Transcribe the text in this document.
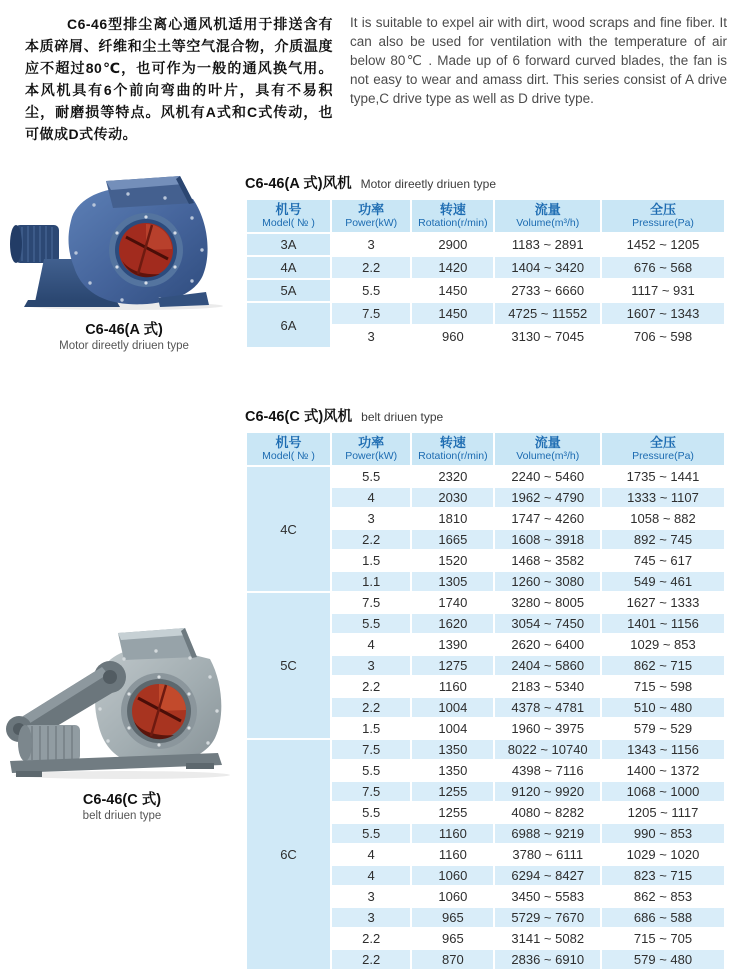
C6-46型排尘离心通风机适用于排送含有本质碎屑、纤维和尘土等空气混合物，介质温度应不超过80℃，也可作为一般的通风换气用。本风机具有6个前向弯曲的叶片，具有不易积尘，耐磨损等特点。风机有A式和C式传动，也可做成D式传动。
It is suitable to expel air with dirt, wood scraps and fine fiber. It can also be used for ventilation with the temperature of air below 80℃ . Made up of 6 forward curved blades, the fan is not easy to wear and amass dirt. This series consist of A drive type,C drive type as well as D drive type.
C6-46(A 式)
Motor direetly driuen type
C6-46(C 式)
belt driuen type
C6-46(A 式)风机 Motor direetly driuen type
机号
Model( № )

功率
Power(kW)

转速
Rotation(r/min)

流量
Volume(m³/h)

全压
Pressure(Pa)

3A	3	2900	1183 ~ 2891	1452 ~ 1205
4A	2.2	1420	1404 ~ 3420	676 ~ 568
5A	5.5	1450	2733 ~ 6660	1117 ~ 931
6A	7.5	1450	4725 ~ 11552	1607 ~ 1343
	3	960	3130 ~ 7045	706 ~ 598
C6-46(C 式)风机 belt driuen type
机号
Model( № )

功率
Power(kW)

转速
Rotation(r/min)

流量
Volume(m³/h)

全压
Pressure(Pa)

4C	5.5	2320	2240 ~ 5460	1735 ~ 1441
	4	2030	1962 ~ 4790	1333 ~ 1107
	3	1810	1747 ~ 4260	1058 ~ 882
	2.2	1665	1608 ~ 3918	892 ~ 745
	1.5	1520	1468 ~ 3582	745 ~ 617
	1.1	1305	1260 ~ 3080	549 ~ 461
5C	7.5	1740	3280 ~ 8005	1627 ~ 1333
	5.5	1620	3054 ~ 7450	1401 ~ 1156
	4	1390	2620 ~ 6400	1029 ~ 853
	3	1275	2404 ~ 5860	862 ~ 715
	2.2	1160	2183 ~ 5340	715 ~ 598
	2.2	1004	4378 ~ 4781	510 ~ 480
	1.5	1004	1960 ~ 3975	579 ~ 529
6C	7.5	1350	8022 ~ 10740	1343 ~ 1156
	5.5	1350	4398 ~ 7116	1400 ~ 1372
	7.5	1255	9120 ~ 9920	1068 ~ 1000
	5.5	1255	4080 ~ 8282	1205 ~ 1117
	5.5	1160	6988 ~ 9219	990 ~ 853
	4	1160	3780 ~ 6111	1029 ~ 1020
	4	1060	6294 ~ 8427	823 ~ 715
	3	1060	3450 ~ 5583	862 ~ 853
	3	965	5729 ~ 7670	686 ~ 588
	2.2	965	3141 ~ 5082	715 ~ 705
	2.2	870	2836 ~ 6910	579 ~ 480
